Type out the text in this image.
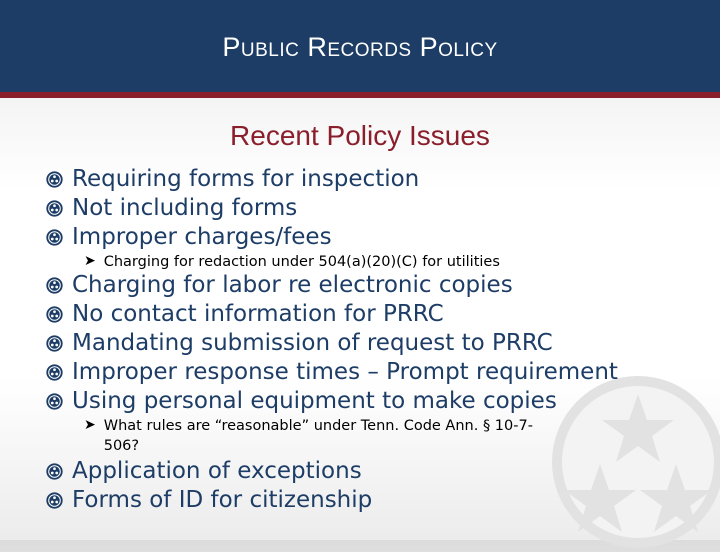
Public Records Policy
Recent Policy Issues
Requiring forms for inspection
Not including forms
Improper charges/fees
➤ Charging for redaction under 504(a)(20)(C) for utilities
Charging for labor re electronic copies
No contact information for PRRC
Mandating submission of request to PRRC
Improper response times – Prompt requirement
Using personal equipment to make copies
➤ What rules are “reasonable” under Tenn. Code Ann. § 10-7-
506?
Application of exceptions
Forms of ID for citizenship
